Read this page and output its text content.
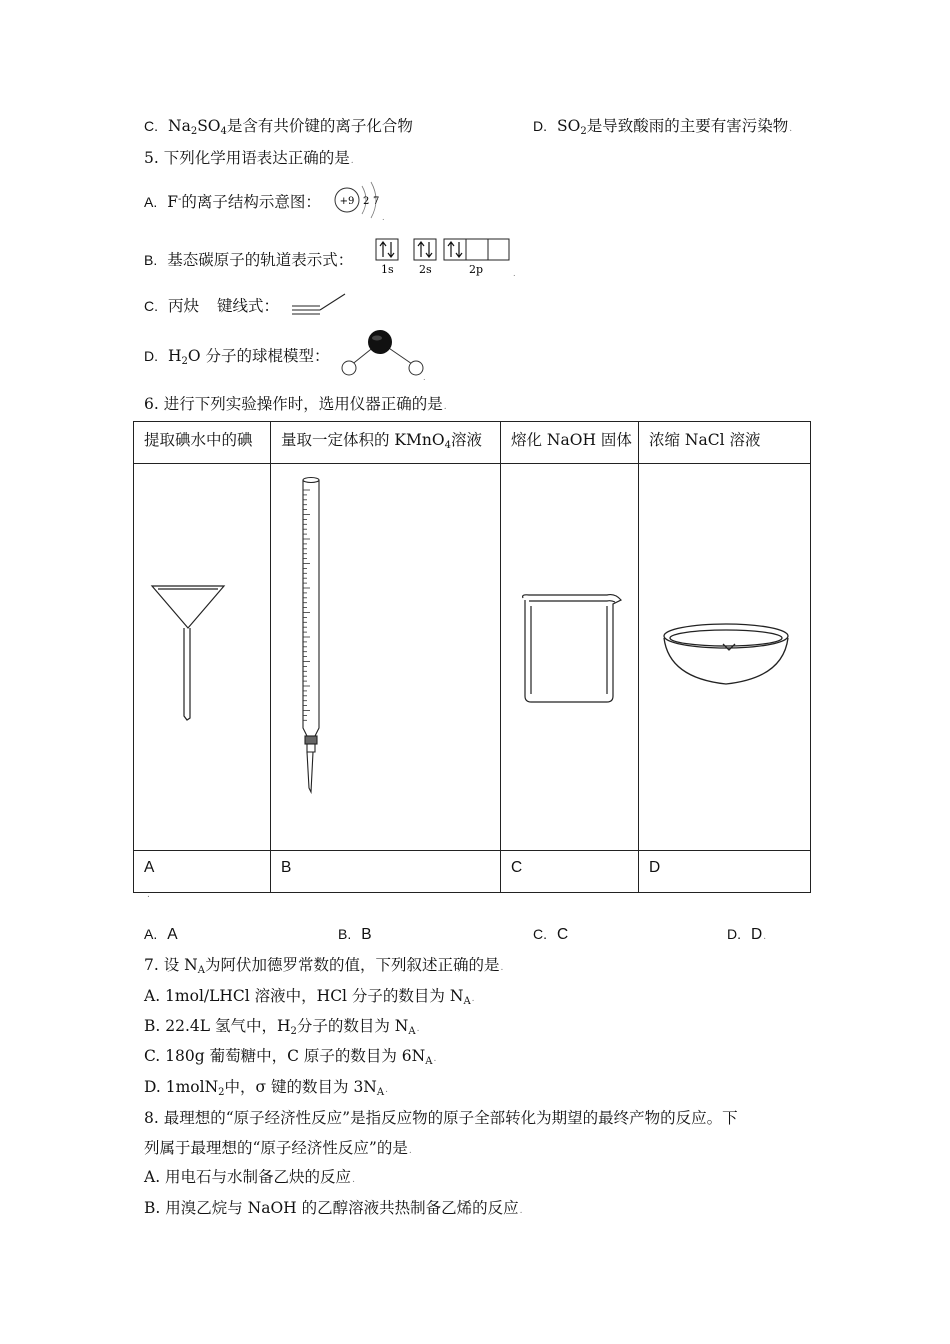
C. $Na_2SO_4$是含有共价键的离子化合物	D. $SO_2$是导致酸雨的主要有害污染物.
5. 下列化学用语表达正确的是.
A. F-的离子结构示意图： +9 2 7
.
B. 基态碳原子的轨道表示式：
1s 2s	2p	.
C. 丙炔 键线式：
D. $H_2O$ 分子的球棍模型：
.
6. 进行下列实验操作时，选用仪器正确的是.
提取碘水中的碘	量取一定体积的 KMnO$_4$溶液	熔化 NaOH 固体	浓缩 NaCl 溶液

A	B	C	D
.
A. A	B. B	C. C	D. D.
7. 设 $N_A$为阿伏加德罗常数的值，下列叙述正确的是.
A. 1mol/LHCl 溶液中，HCl 分子的数目为 $N_A$.
B. 22.4L 氢气中，$H_2$分子的数目为 $N_A$.
C. 180g 葡萄糖中，C 原子的数目为 $6N_A$.
D. 1molN$_2$中，σ 键的数目为 $3N_A$.
8. 最理想的“原子经济性反应”是指反应物的原子全部转化为期望的最终产物的反应。下
列属于最理想的“原子经济性反应”的是.
A. 用电石与水制备乙炔的反应.
B. 用溴乙烷与 NaOH 的乙醇溶液共热制备乙烯的反应.
